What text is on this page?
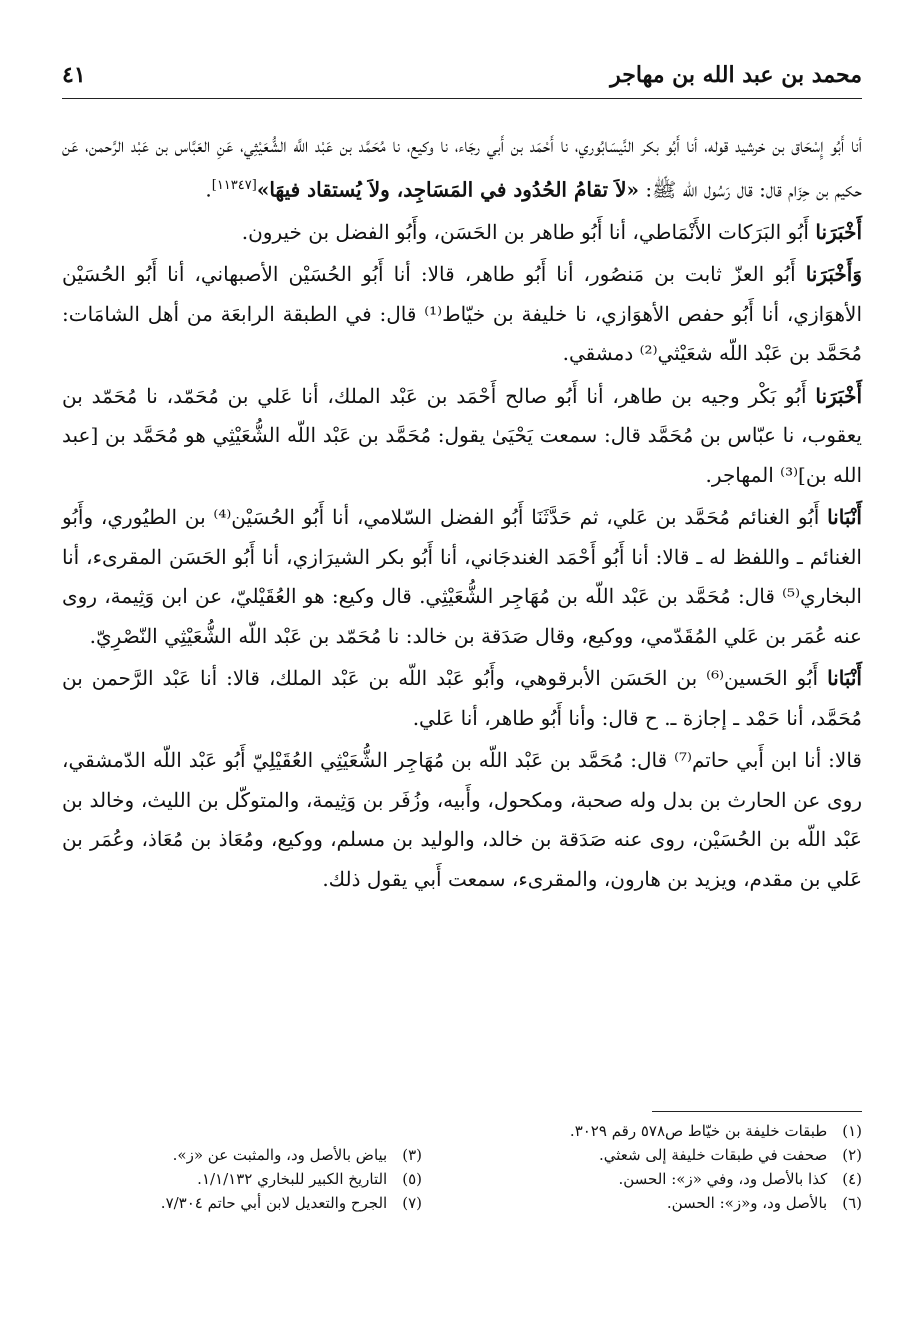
محمد بن عبد الله بن مهاجر
٤١

أنا أَبُو إِسْحَاق بن خرشيد قوله، أنا أَبُو بكر النَّيسَابُوري، نا أَحْمَد بن أَبي رجَاء، نا وكيع، نا مُحَمَّد بن عَبْد اللَّه الشُّعَيْثِي، عَنِ العَبَّاس بن عَبْد الرَّحمن، عَن حكيم بن حِزَام قال: قال رَسُول الله ﷺ: «لاَ تقامُ الحُدُود في المَسَاجِد، ولاَ يُستقاد فيهَا»[١١٣٤٧].

أَخْبَرَنا أَبُو البَرَكات الأَنْمَاطي، أنا أَبُو طاهر بن الحَسَن، وأَبُو الفضل بن خيرون.

وَأَخْبَرَنا أَبُو العزّ ثابت بن مَنصُور، أنا أَبُو طاهر، قالا: أنا أَبُو الحُسَيْن الأصبهاني، أنا أَبُو الحُسَيْن الأهوَازي، أنا أَبُو حفص الأهوَازي، نا خليفة بن خيّاط⁽¹⁾ قال: في الطبقة الرابعَة من أهل الشامَات: مُحَمَّد بن عَبْد اللّه شعَيْثي⁽²⁾ دمشقي.

أَخْبَرَنا أَبُو بَكْر وجيه بن طاهر، أنا أَبُو صالح أَحْمَد بن عَبْد الملك، أنا عَلي بن مُحَمّد، نا مُحَمّد بن يعقوب، نا عبّاس بن مُحَمَّد قال: سمعت يَحْيَىٰ يقول: مُحَمَّد بن عَبْد اللّه الشُّعَيْثِي هو مُحَمَّد بن [عبد الله بن]⁽³⁾ المهاجر.

أَنْبَانا أَبُو الغنائم مُحَمَّد بن عَلي، ثم حَدَّثَنَا أَبُو الفضل السّلامي، أنا أَبُو الحُسَيْن⁽⁴⁾ بن الطيُوري، وأَبُو الغنائم ـ واللفظ له ـ قالا: أنا أَبُو أَحْمَد الغندجَاني، أنا أَبُو بكر الشيرَازي، أنا أَبُو الحَسَن المقرىء، أنا البخاري⁽⁵⁾ قال: مُحَمَّد بن عَبْد اللّه بن مُهَاجِر الشُّعَيْثِي. قال وكيع: هو العُقَيْليّ، عن ابن وَثِيمة، روى عنه عُمَر بن عَلي المُقَدّمي، ووكيع، وقال صَدَقة بن خالد: نا مُحَمّد بن عَبْد اللّه الشُّعَيْثِي النّصْرِيّ.

أَنْبَانا أَبُو الحَسين⁽⁶⁾ بن الحَسَن الأبرقوهي، وأَبُو عَبْد اللّه بن عَبْد الملك، قالا: أنا عَبْد الرَّحمن بن مُحَمَّد، أنا حَمْد ـ إجازة ـ. ح قال: وأنا أَبُو طاهر، أنا عَلي.

قالا: أنا ابن أَبي حاتم⁽⁷⁾ قال: مُحَمَّد بن عَبْد اللّه بن مُهَاجِر الشُّعَيْثِي العُقَيْلِيّ أَبُو عَبْد اللّه الدّمشقي، روى عن الحارث بن بدل وله صحبة، ومكحول، وأَبيه، وزُفَر بن وَثِيمة، والمتوكّل بن الليث، وخالد بن عَبْد اللّه بن الحُسَيْن، روى عنه صَدَقة بن خالد، والوليد بن مسلم، ووكيع، ومُعَاذ بن مُعَاذ، وعُمَر بن عَلي بن مقدم، ويزيد بن هارون، والمقرىء، سمعت أَبي يقول ذلك.

(١) طبقات خليفة بن خيّاط ص٥٧٨ رقم ٣٠٢٩.
(٢) صحفت في طبقات خليفة إلى شعثي.
(٣) بياض بالأصل ود، والمثبت عن «ز».
(٤) كذا بالأصل ود، وفي «ز»: الحسن.
(٥) التاريخ الكبير للبخاري ١/١/١٣٢.
(٦) بالأصل ود، و«ز»: الحسن.
(٧) الجرح والتعديل لابن أبي حاتم ٧/٣٠٤.
